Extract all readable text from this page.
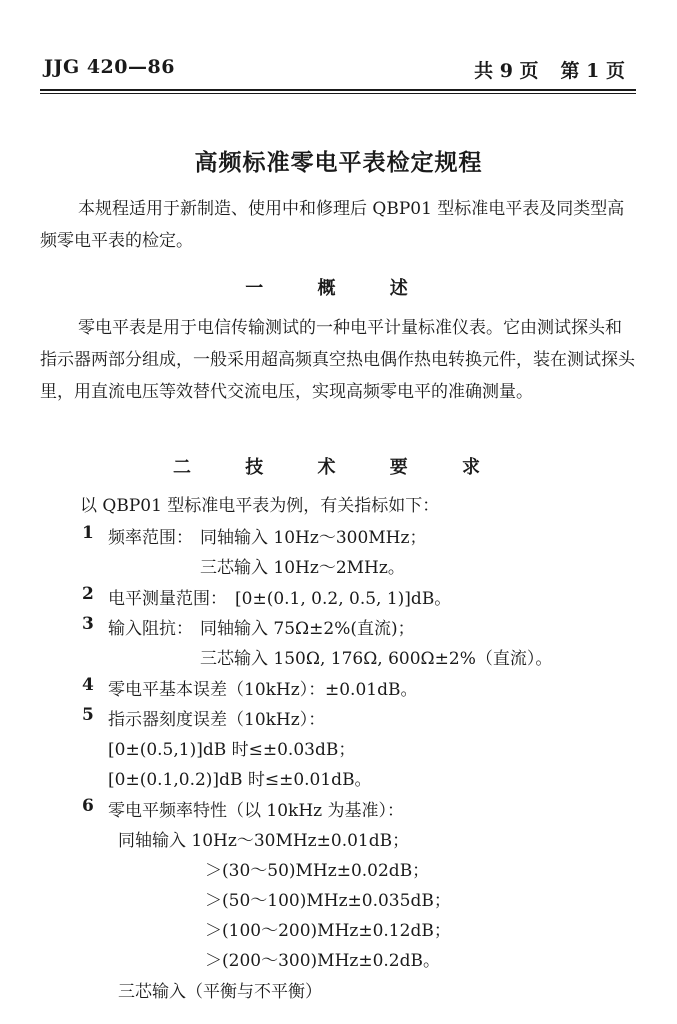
JJG 420—86	共 9 页 第 1 页
高频标准零电平表检定规程
本规程适用于新制造、使用中和修理后 QBP01 型标准电平表及同类型高频零电平表的检定。
一 概 述
零电平表是用于电信传输测试的一种电平计量标准仪表。它由测试探头和指示器两部分组成，一般采用超高频真空热电偶作热电转换元件，装在测试探头里，用直流电压等效替代交流电压，实现高频零电平的准确测量。
二 技 术 要 求
以 QBP01 型标准电平表为例，有关指标如下：
1 频率范围： 同轴输入 10Hz～300MHz；
三芯输入 10Hz～2MHz。
2 电平测量范围： [0±(0.1, 0.2, 0.5, 1)]dB。
3 输入阻抗： 同轴输入 75Ω±2%(直流)；
三芯输入 150Ω, 176Ω, 600Ω±2%（直流）。
4 零电平基本误差（10kHz）： ±0.01dB。
5 指示器刻度误差（10kHz）：
[0±(0.5,1)]dB 时≤±0.03dB；
[0±(0.1,0.2)]dB 时≤±0.01dB。
6 零电平频率特性（以 10kHz 为基准）：
同轴输入 10Hz～30MHz±0.01dB；
＞(30～50)MHz±0.02dB；
＞(50～100)MHz±0.035dB；
＞(100～200)MHz±0.12dB；
＞(200～300)MHz±0.2dB。
三芯输入（平衡与不平衡）
